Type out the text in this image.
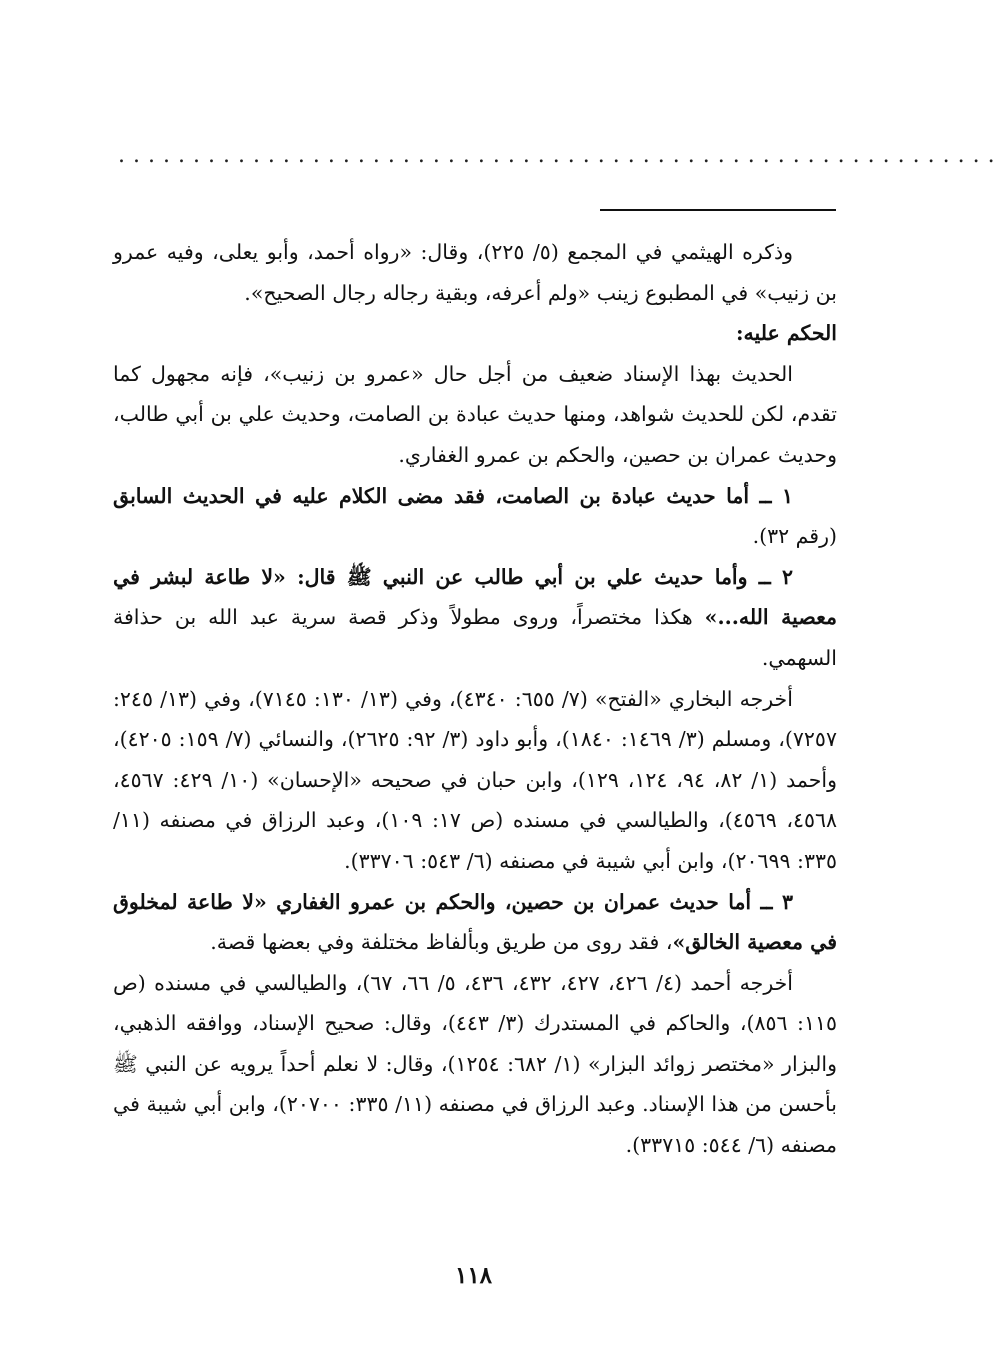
...........................................................

وذكره الهيثمي في المجمع (٥/ ٢٢٥)، وقال: «رواه أحمد، وأبو يعلى، وفيه عمرو بن زنيب» في المطبوع زينب «ولم أعرفه، وبقية رجاله رجال الصحيح».

الحكم عليه:

الحديث بهذا الإسناد ضعيف من أجل حال «عمرو بن زنيب»، فإنه مجهول كما تقدم، لكن للحديث شواهد، ومنها حديث عبادة بن الصامت، وحديث علي بن أبي طالب، وحديث عمران بن حصين، والحكم بن عمرو الغفاري.

١ ــ أما حديث عبادة بن الصامت، فقد مضى الكلام عليه في الحديث السابق (رقم ٣٢).

٢ ــ وأما حديث علي بن أبي طالب عن النبي ﷺ قال: «لا طاعة لبشر في معصية الله...» هكذا مختصراً، وروى مطولاً وذكر قصة سرية عبد الله بن حذافة السهمي.

أخرجه البخاري «الفتح» (٧/ ٦٥٥: ٤٣٤٠)، وفي (١٣/ ١٣٠: ٧١٤٥)، وفي (١٣/ ٢٤٥: ٧٢٥٧)، ومسلم (٣/ ١٤٦٩: ١٨٤٠)، وأبو داود (٣/ ٩٢: ٢٦٢٥)، والنسائي (٧/ ١٥٩: ٤٢٠٥)، وأحمد (١/ ٨٢، ٩٤، ١٢٤، ١٢٩)، وابن حبان في صحيحه «الإحسان» (١٠/ ٤٢٩: ٤٥٦٧، ٤٥٦٨، ٤٥٦٩)، والطيالسي في مسنده (ص ١٧: ١٠٩)، وعبد الرزاق في مصنفه (١١/ ٣٣٥: ٢٠٦٩٩)، وابن أبي شيبة في مصنفه (٦/ ٥٤٣: ٣٣٧٠٦).

٣ ــ أما حديث عمران بن حصين، والحكم بن عمرو الغفاري «لا طاعة لمخلوق في معصية الخالق»، فقد روى من طريق وبألفاظ مختلفة وفي بعضها قصة.

أخرجه أحمد (٤/ ٤٢٦، ٤٢٧، ٤٣٢، ٤٣٦، ٥/ ٦٦، ٦٧)، والطيالسي في مسنده (ص ١١٥: ٨٥٦)، والحاكم في المستدرك (٣/ ٤٤٣)، وقال: صحيح الإسناد، ووافقه الذهبي، والبزار «مختصر زوائد البزار» (١/ ٦٨٢: ١٢٥٤)، وقال: لا نعلم أحداً يرويه عن النبي ﷺ بأحسن من هذا الإسناد. وعبد الرزاق في مصنفه (١١/ ٣٣٥: ٢٠٧٠٠)، وابن أبي شيبة في مصنفه (٦/ ٥٤٤: ٣٣٧١٥).

١١٨
